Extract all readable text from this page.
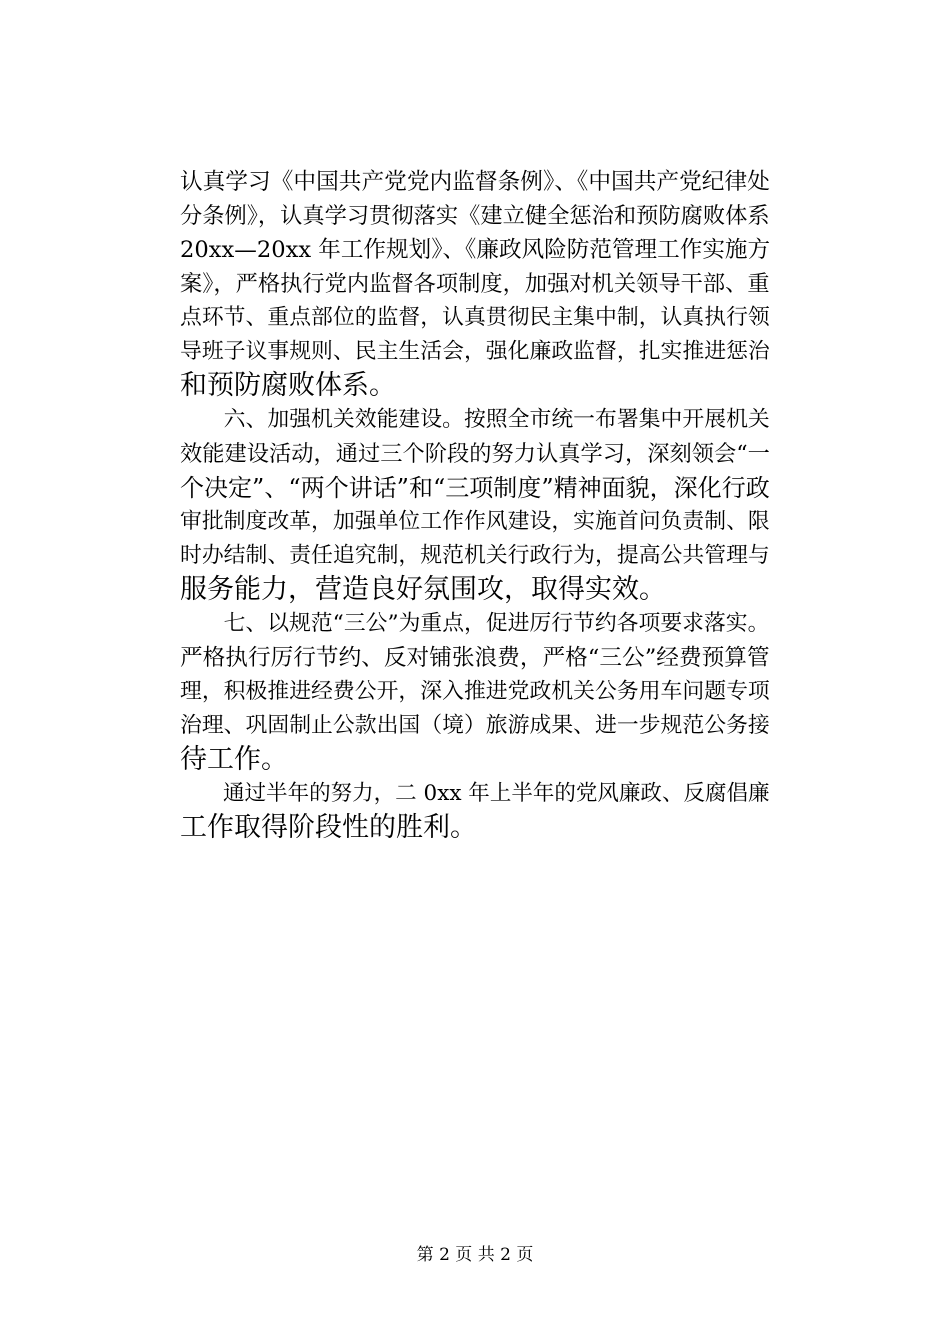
认真学习《中国共产党党内监督条例》、《中国共产党纪律处
分条例》，认真学习贯彻落实《建立健全惩治和预防腐败体系
20xx—20xx 年工作规划》、《廉政风险防范管理工作实施方
案》，严格执行党内监督各项制度，加强对机关领导干部、重
点环节、重点部位的监督，认真贯彻民主集中制，认真执行领
导班子议事规则、民主生活会，强化廉政监督，扎实推进惩治
和预防腐败体系。
　　六、加强机关效能建设。按照全市统一布署集中开展机关
效能建设活动，通过三个阶段的努力认真学习，深刻领会“一
个决定”、“两个讲话”和“三项制度”精神面貌，深化行政
审批制度改革，加强单位工作作风建设，实施首问负责制、限
时办结制、责任追究制，规范机关行政行为，提高公共管理与
服务能力，营造良好氛围攻，取得实效。
　　七、以规范“三公”为重点，促进厉行节约各项要求落实。
严格执行厉行节约、反对铺张浪费，严格“三公”经费预算管
理，积极推进经费公开，深入推进党政机关公务用车问题专项
治理、巩固制止公款出国（境）旅游成果、进一步规范公务接
待工作。
　　通过半年的努力，二 0xx 年上半年的党风廉政、反腐倡廉
工作取得阶段性的胜利。
第 2 页 共 2 页
